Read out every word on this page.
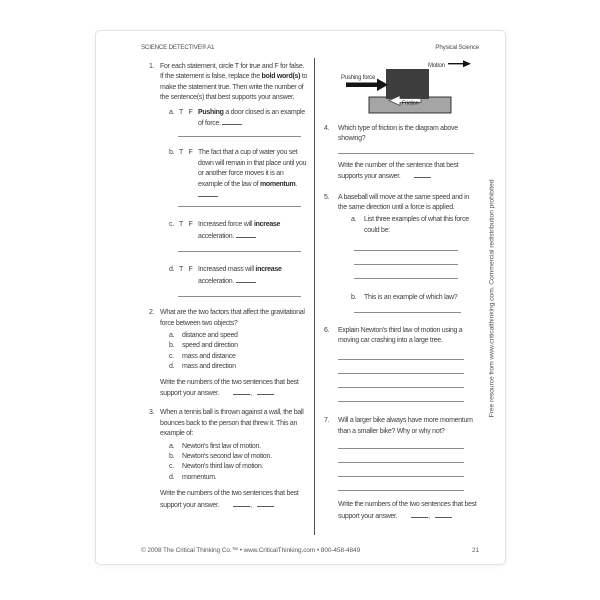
SCIENCE DETECTIVE® A1	Physical Science
1. For each statement, circle T for true and F for false. If the statement is false, replace the bold word(s) to make the statement true. Then write the number of the sentence(s) that best supports your answer.
a. T F Pushing a door closed is an example of force.
b. T F The fact that a cup of water you set down will remain in that place until you or another force moves it is an example of the law of momentum.
c. T F Increased force will increase acceleration.
d. T F Increased mass will increase acceleration.
2. What are the two factors that affect the gravitational force between two objects?
a.	distance and speed
b.	speed and direction
c.	mass and distance
d.	mass and direction
Write the numbers of the two sentences that best support your answer.	,
3. When a tennis ball is thrown against a wall, the ball bounces back to the person that threw it. This an example of:
a.	Newton's first law of motion.
b.	Newton's second law of motion.
c.	Newton's third law of motion.
d.	momentum.
Write the numbers of the two sentences that best support your answer.	,
Motion
Pushing force
Friction
4.	Which type of friction is the diagram above showing?
Write the number of the sentence that best supports your answer.
5.	A baseball will move at the same speed and in the same direction until a force is applied.
a.	List three examples of what this force could be:
b.	This is an example of which law?
6.	Explain Newton's third law of motion using a moving car crashing into a large tree.
7.	Will a larger bike always have more momentum than a smaller bike? Why or why not?
Write the numbers of the two sentences that best support your answer.	,
Free resource from www.criticalthinking.com. Commercial redistribution prohibited
© 2008 The Critical Thinking Co.™ • www.CriticalThinking.com • 800-458-4849	21
